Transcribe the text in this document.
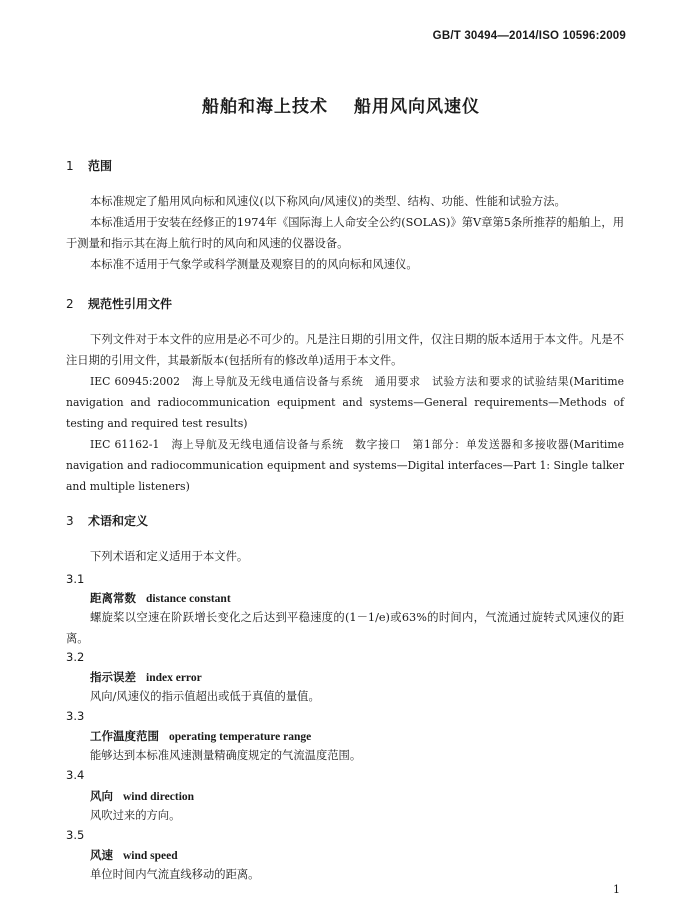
GB/T 30494—2014/ISO 10596:2009
船舶和海上技术 船用风向风速仪
1 范围

本标准规定了船用风向标和风速仪(以下称风向/风速仪)的类型、结构、功能、性能和试验方法。

本标准适用于安装在经修正的1974年《国际海上人命安全公约(SOLAS)》第V章第5条所推荐的船舶上，用于测量和指示其在海上航行时的风向和风速的仪器设备。

本标准不适用于气象学或科学测量及观察目的的风向标和风速仪。

2 规范性引用文件

下列文件对于本文件的应用是必不可少的。凡是注日期的引用文件，仅注日期的版本适用于本文件。凡是不注日期的引用文件，其最新版本(包括所有的修改单)适用于本文件。

IEC 60945:2002　海上导航及无线电通信设备与系统　通用要求　试验方法和要求的试验结果(Maritime navigation and radiocommunication equipment and systems—General requirements—Methods of testing and required test results)

IEC 61162-1　海上导航及无线电通信设备与系统　数字接口　第1部分：单发送器和多接收器(Maritime navigation and radiocommunication equipment and systems—Digital interfaces—Part 1: Single talker and multiple listeners)

3 术语和定义

下列术语和定义适用于本文件。

3.1
距离常数 distance constant

螺旋桨以空速在阶跃增长变化之后达到平稳速度的(1－1/e)或63%的时间内，气流通过旋转式风速仪的距离。

3.2
指示误差 index error

风向/风速仪的指示值超出或低于真值的量值。

3.3
工作温度范围 operating temperature range

能够达到本标准风速测量精确度规定的气流温度范围。

3.4
风向 wind direction

风吹过来的方向。

3.5
风速 wind speed

单位时间内气流直线移动的距离。

1
